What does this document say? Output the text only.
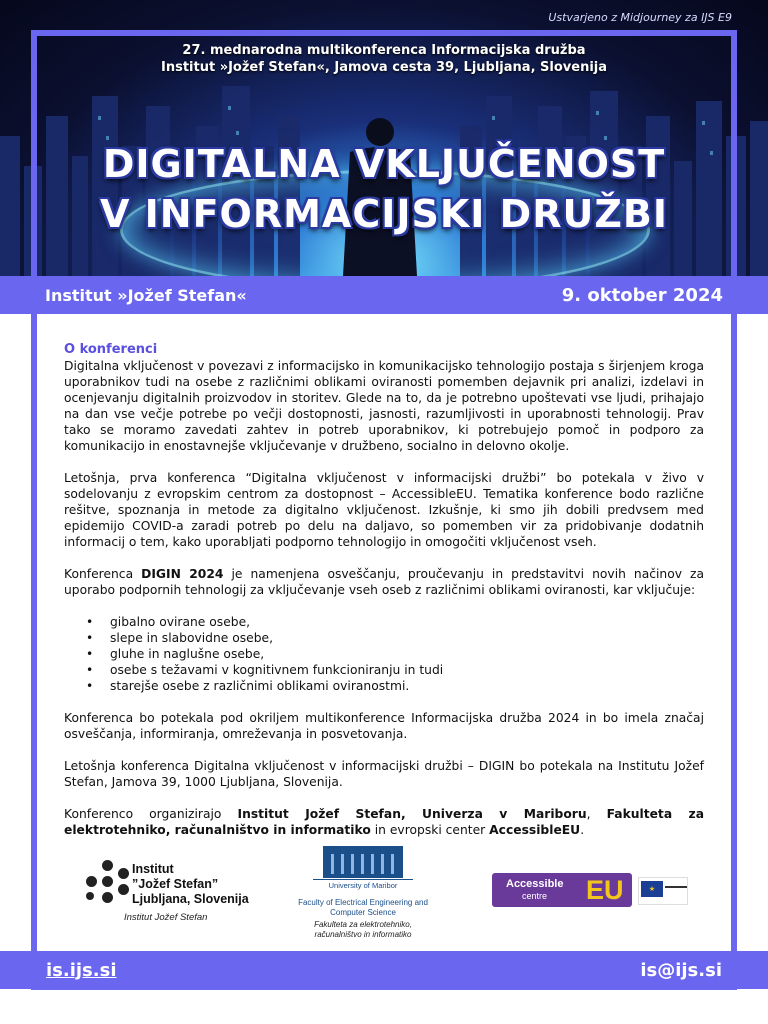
Ustvarjeno z Midjourney za IJS E9
27. mednarodna multikonferenca Informacijska družba
Institut »Jožef Stefan«, Jamova cesta 39, Ljubljana, Slovenija
DIGITALNA VKLJUČENOST
V INFORMACIJSKI DRUŽBI
Institut »Jožef Stefan«	9. oktober 2024
O konferenci

Digitalna vključenost v povezavi z informacijsko in komunikacijsko tehnologijo postaja s širjenjem kroga uporabnikov tudi na osebe z različnimi oblikami oviranosti pomemben dejavnik pri analizi, izdelavi in ocenjevanju digitalnih proizvodov in storitev. Glede na to, da je potrebno upoštevati vse ljudi, prihajajo na dan vse večje potrebe po večji dostopnosti, jasnosti, razumljivosti in uporabnosti tehnologij. Prav tako se moramo zavedati zahtev in potreb uporabnikov, ki potrebujejo pomoč in podporo za komunikacijo in enostavnejše vključevanje v družbeno, socialno in delovno okolje.

Letošnja, prva konferenca “Digitalna vključenost v informacijski družbi” bo potekala v živo v sodelovanju z evropskim centrom za dostopnost – AccessibleEU. Tematika konference bodo različne rešitve, spoznanja in metode za digitalno vključenost. Izkušnje, ki smo jih dobili predvsem med epidemijo COVID-a zaradi potreb po delu na daljavo, so pomemben vir za pridobivanje dodatnih informacij o tem, kako uporabljati podporno tehnologijo in omogočiti vključenost vseh.

Konferenca DIGIN 2024 je namenjena osveščanju, proučevanju in predstavitvi novih načinov za uporabo podpornih tehnologij za vključevanje vseh oseb z različnimi oblikami oviranosti, kar vključuje:

• gibalno ovirane osebe,
• slepe in slabovidne osebe,
• gluhe in naglušne osebe,
• osebe s težavami v kognitivnem funkcioniranju in tudi
• starejše osebe z različnimi oblikami oviranostmi.

Konferenca bo potekala pod okriljem multikonference Informacijska družba 2024 in bo imela značaj osveščanja, informiranja, omreževanja in posvetovanja.

Letošnja konferenca Digitalna vključenost v informacijski družbi – DIGIN bo potekala na Institutu Jožef Stefan, Jamova 39, 1000 Ljubljana, Slovenija.

Konferenco organizirajo Institut Jožef Stefan, Univerza v Mariboru, Fakulteta za elektrotehniko, računalništvo in informatiko in evropski center AccessibleEU.

Institut
”Jožef Stefan”
Ljubljana, Slovenija
Institut Jožef Stefan
University of Maribor
Faculty of Electrical Engineering and Computer Science
Fakulteta za elektrotehniko, računalništvo in informatiko
Accessible
centre EU	★
is.ijs.si	is@ijs.si
